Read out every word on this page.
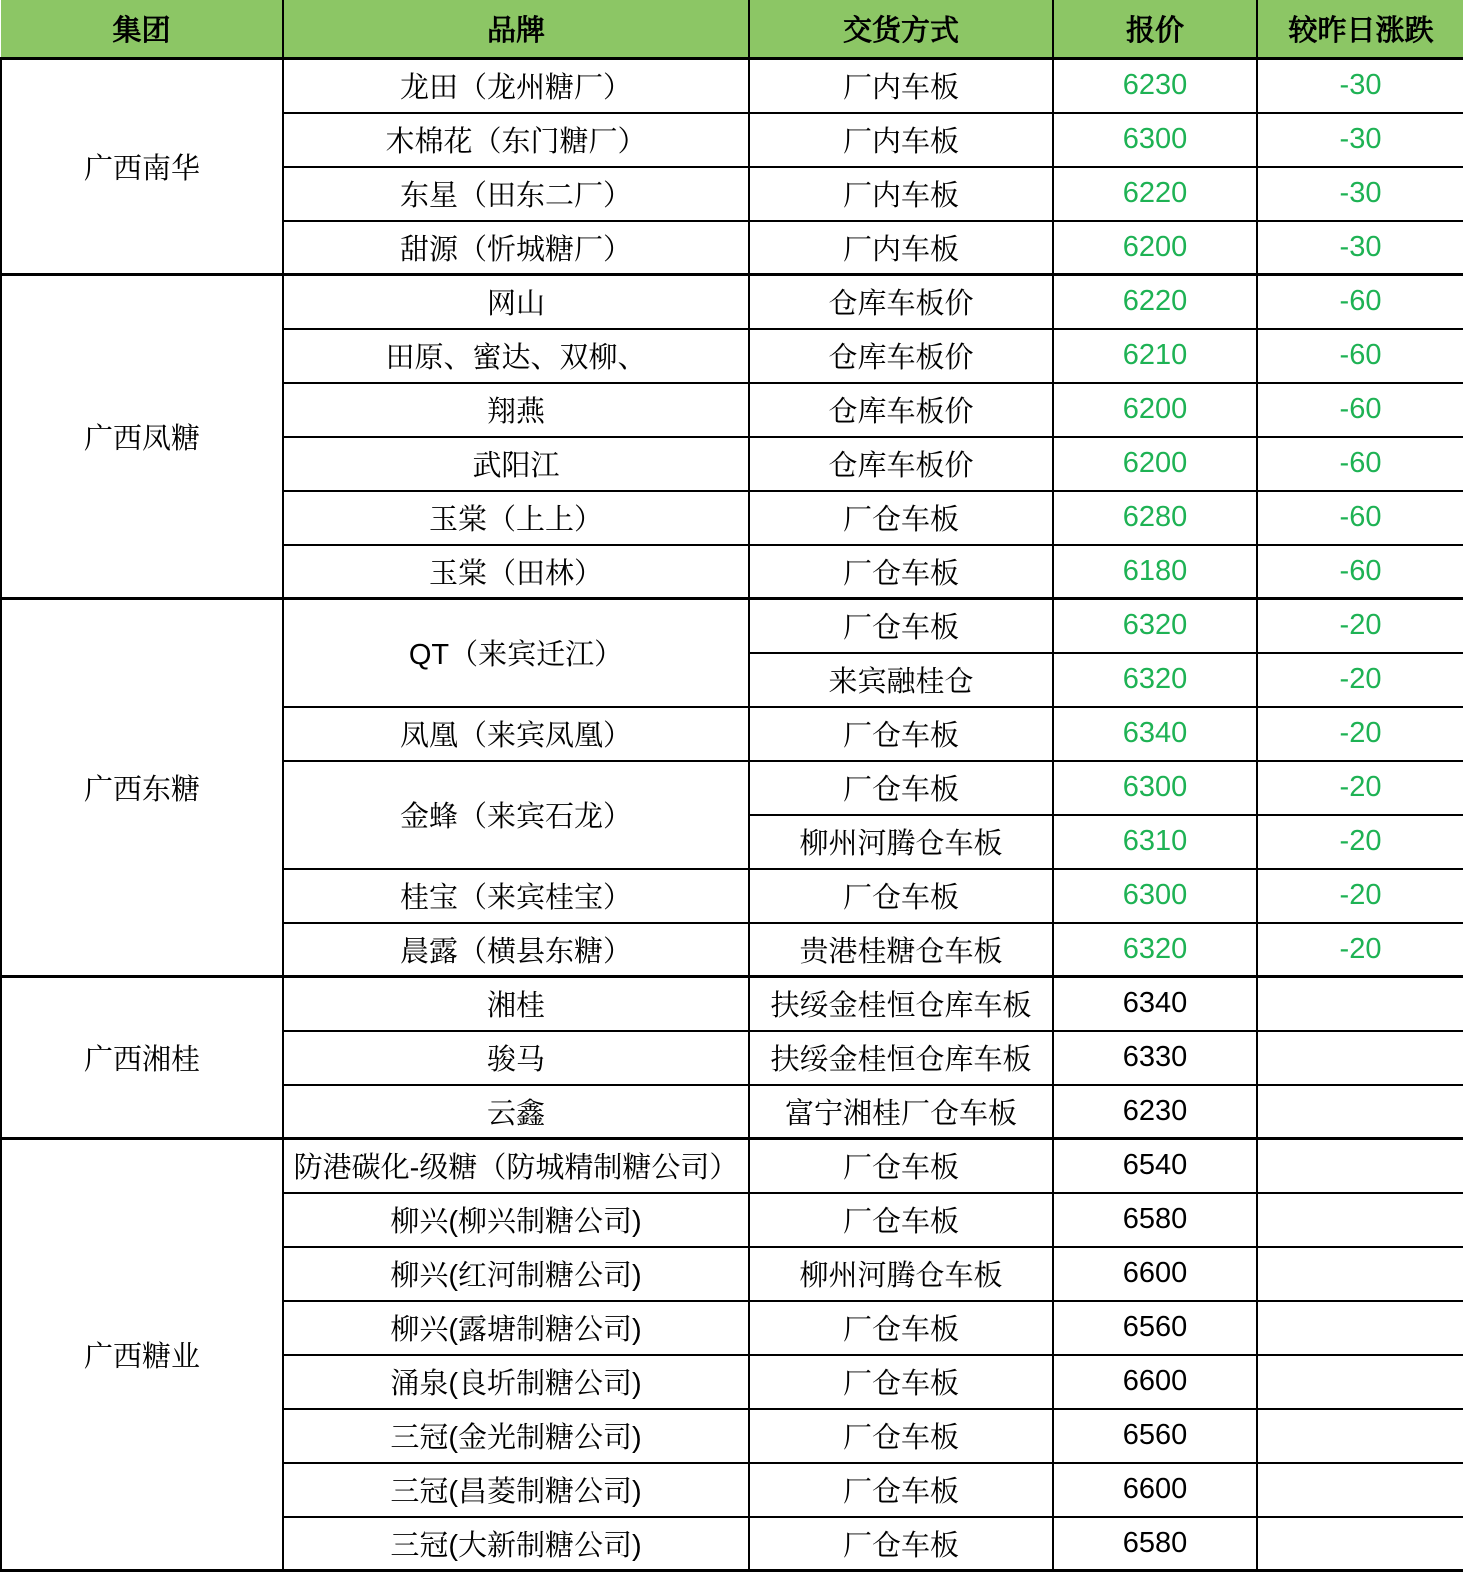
集团	品牌	交货方式	报价	较昨日涨跌
广西南华	龙田（龙州糖厂）	厂内车板	6230	-30
	木棉花（东门糖厂）	厂内车板	6300	-30
	东星（田东二厂）	厂内车板	6220	-30
	甜源（忻城糖厂）	厂内车板	6200	-30
广西凤糖	网山	仓库车板价	6220	-60
	田原、蜜达、双柳、	仓库车板价	6210	-60
	翔燕	仓库车板价	6200	-60
	武阳江	仓库车板价	6200	-60
	玉棠（上上）	厂仓车板	6280	-60
	玉棠（田林）	厂仓车板	6180	-60
广西东糖	QT（来宾迁江）	厂仓车板	6320	-20
		来宾融桂仓	6320	-20
	凤凰（来宾凤凰）	厂仓车板	6340	-20
	金蜂（来宾石龙）	厂仓车板	6300	-20
		柳州河腾仓车板	6310	-20
	桂宝（来宾桂宝）	厂仓车板	6300	-20
	晨露（横县东糖）	贵港桂糖仓车板	6320	-20
广西湘桂	湘桂	扶绥金桂恒仓库车板	6340	
	骏马	扶绥金桂恒仓库车板	6330	
	云鑫	富宁湘桂厂仓车板	6230	
广西糖业	防港碳化-级糖（防城精制糖公司）	厂仓车板	6540	
	柳兴(柳兴制糖公司)	厂仓车板	6580	
	柳兴(红河制糖公司)	柳州河腾仓车板	6600	
	柳兴(露塘制糖公司)	厂仓车板	6560	
	涌泉(良圻制糖公司)	厂仓车板	6600	
	三冠(金光制糖公司)	厂仓车板	6560	
	三冠(昌菱制糖公司)	厂仓车板	6600	
	三冠(大新制糖公司)	厂仓车板	6580	
